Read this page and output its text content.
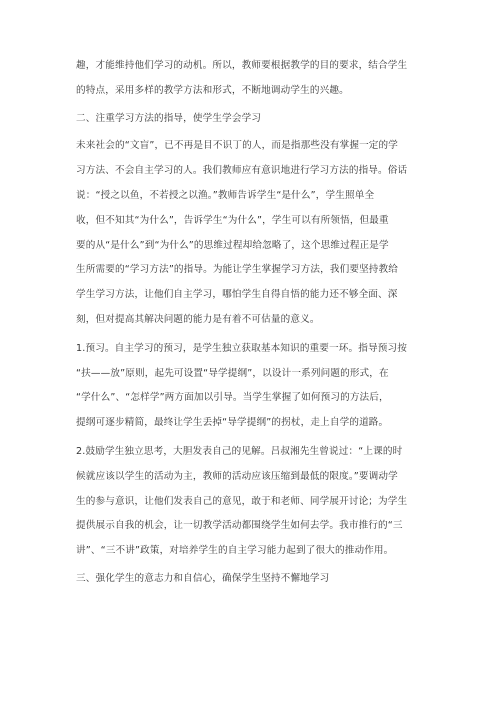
趣，才能维持他们学习的动机。所以，教师要根据教学的目的要求，结合学生
的特点，采用多样的教学方法和形式，不断地调动学生的兴趣。

二、注重学习方法的指导，使学生学会学习

未来社会的“文盲”，已不再是目不识丁的人，而是指那些没有掌握一定的学
习方法、不会自主学习的人。我们教师应有意识地进行学习方法的指导。俗话
说：“授之以鱼，不若授之以渔。”教师告诉学生“是什么”，学生照单全
收，但不知其“为什么”，告诉学生“为什么”，学生可以有所领悟，但最重
要的从“是什么”到“为什么”的思维过程却给忽略了，这个思维过程正是学
生所需要的“学习方法”的指导。为能让学生掌握学习方法，我们要坚持教给
学生学习方法，让他们自主学习，哪怕学生自得自悟的能力还不够全面、深
刻，但对提高其解决问题的能力是有着不可估量的意义。

1.预习。自主学习的预习，是学生独立获取基本知识的重要一环。指导预习按
“扶——放”原则，起先可设置“导学提纲”，以设计一系列问题的形式，在
“学什么”、“怎样学”两方面加以引导。当学生掌握了如何预习的方法后，
提纲可逐步精简，最终让学生丢掉“导学提纲”的拐杖，走上自学的道路。

2.鼓励学生独立思考，大胆发表自己的见解。吕叔湘先生曾说过：“上课的时
候就应该以学生的活动为主，教师的活动应该压缩到最低的限度。”要调动学
生的参与意识，让他们发表自己的意见，敢于和老师、同学展开讨论；为学生
提供展示自我的机会，让一切教学活动都围绕学生如何去学。我市推行的“三
讲”、“三不讲”政策，对培养学生的自主学习能力起到了很大的推动作用。

三、强化学生的意志力和自信心，确保学生坚持不懈地学习
